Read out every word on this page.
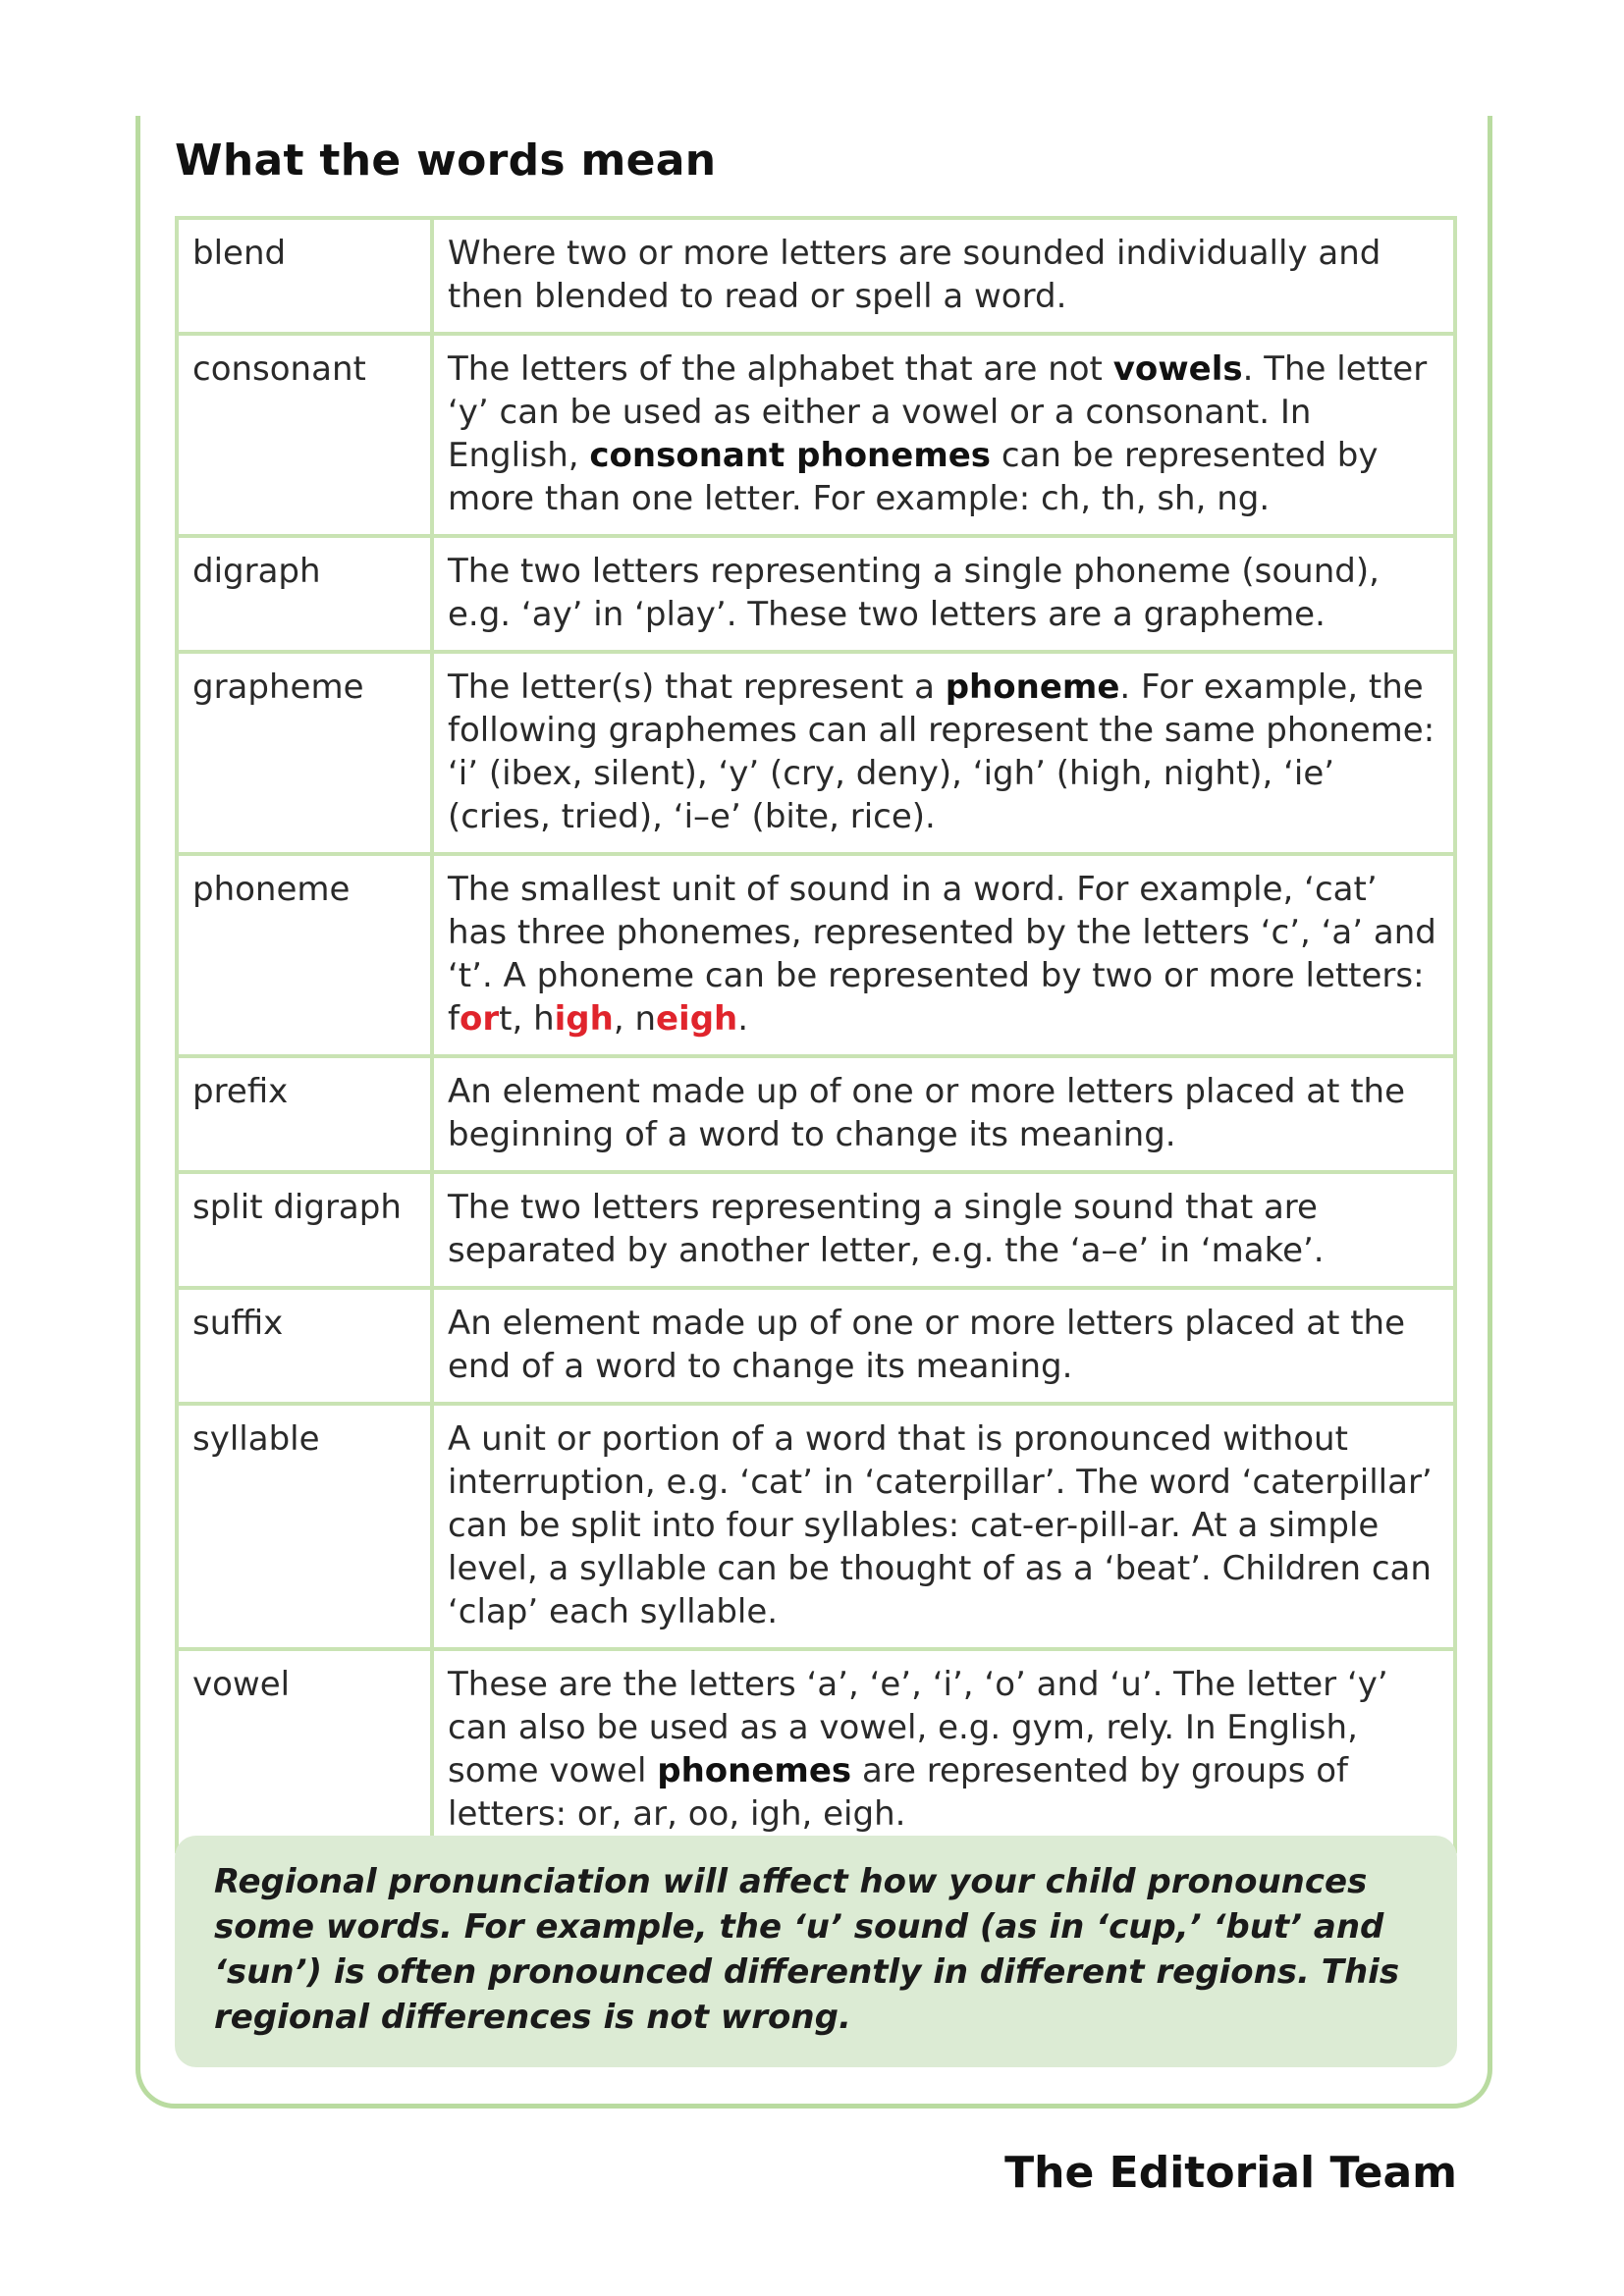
What the words mean
blend	Where two or more letters are sounded individually and then blended to read or spell a word.
consonant	The letters of the alphabet that are not vowels. The letter ‘y’ can be used as either a vowel or a consonant. In English, consonant phonemes can be represented by more than one letter. For example: ch, th, sh, ng.
digraph	The two letters representing a single phoneme (sound), e.g. ‘ay’ in ‘play’. These two letters are a grapheme.
grapheme	The letter(s) that represent a phoneme. For example, the following graphemes can all represent the same phoneme: ‘i’ (ibex, silent), ‘y’ (cry, deny), ‘igh’ (high, night), ‘ie’ (cries, tried), ‘i–e’ (bite, rice).
phoneme	The smallest unit of sound in a word. For example, ‘cat’ has three phonemes, represented by the letters ‘c’, ‘a’ and ‘t’. A phoneme can be represented by two or more letters: fort, high, neigh.
prefix	An element made up of one or more letters placed at the beginning of a word to change its meaning.
split digraph	The two letters representing a single sound that are separated by another letter, e.g. the ‘a–e’ in ‘make’.
suffix	An element made up of one or more letters placed at the end of a word to change its meaning.
syllable	A unit or portion of a word that is pronounced without interruption, e.g. ‘cat’ in ‘caterpillar’. The word ‘caterpillar’ can be split into four syllables: cat-er-pill-ar. At a simple level, a syllable can be thought of as a ‘beat’. Children can ‘clap’ each syllable.
vowel	These are the letters ‘a’, ‘e’, ‘i’, ‘o’ and ‘u’. The letter ‘y’ can also be used as a vowel, e.g. gym, rely. In English, some vowel phonemes are represented by groups of letters: or, ar, oo, igh, eigh.
Regional pronunciation will affect how your child pronounces some words. For example, the ‘u’ sound (as in ‘cup,’ ‘but’ and ‘sun’) is often pronounced differently in different regions. This regional differences is not wrong.

The Editorial Team
